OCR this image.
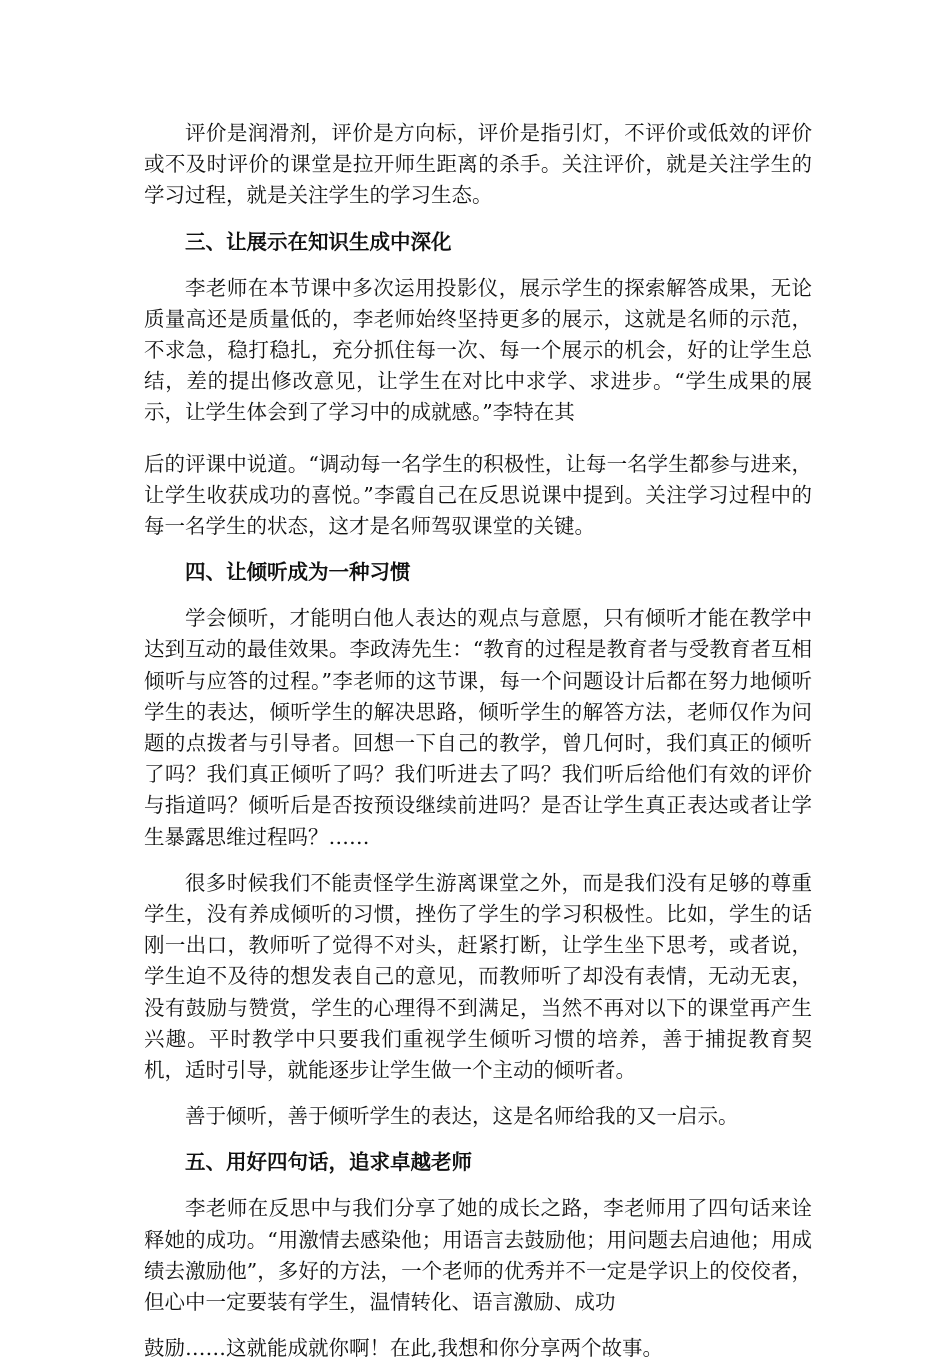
评价是润滑剂，评价是方向标，评价是指引灯，不评价或低效的评价或不及时评价的课堂是拉开师生距离的杀手。关注评价，就是关注学生的学习过程，就是关注学生的学习生态。

三、让展示在知识生成中深化

李老师在本节课中多次运用投影仪，展示学生的探索解答成果，无论质量高还是质量低的，李老师始终坚持更多的展示，这就是名师的示范，不求急，稳打稳扎，充分抓住每一次、每一个展示的机会，好的让学生总结，差的提出修改意见，让学生在对比中求学、求进步。“学生成果的展示，让学生体会到了学习中的成就感。”李特在其

后的评课中说道。“调动每一名学生的积极性，让每一名学生都参与进来，让学生收获成功的喜悦。”李霞自己在反思说课中提到。关注学习过程中的每一名学生的状态，这才是名师驾驭课堂的关键。

四、让倾听成为一种习惯

学会倾听，才能明白他人表达的观点与意愿，只有倾听才能在教学中达到互动的最佳效果。李政涛先生：“教育的过程是教育者与受教育者互相倾听与应答的过程。”李老师的这节课，每一个问题设计后都在努力地倾听学生的表达，倾听学生的解决思路，倾听学生的解答方法，老师仅作为问题的点拨者与引导者。回想一下自己的教学，曾几何时，我们真正的倾听了吗？我们真正倾听了吗？我们听进去了吗？我们听后给他们有效的评价与指道吗？倾听后是否按预设继续前进吗？是否让学生真正表达或者让学生暴露思维过程吗？……

很多时候我们不能责怪学生游离课堂之外，而是我们没有足够的尊重学生，没有养成倾听的习惯，挫伤了学生的学习积极性。比如，学生的话刚一出口，教师听了觉得不对头，赶紧打断，让学生坐下思考，或者说，学生迫不及待的想发表自己的意见，而教师听了却没有表情，无动无衷，没有鼓励与赞赏，学生的心理得不到满足，当然不再对以下的课堂再产生兴趣。平时教学中只要我们重视学生倾听习惯的培养，善于捕捉教育契机，适时引导，就能逐步让学生做一个主动的倾听者。

善于倾听，善于倾听学生的表达，这是名师给我的又一启示。

五、用好四句话，追求卓越老师

李老师在反思中与我们分享了她的成长之路，李老师用了四句话来诠释她的成功。“用激情去感染他；用语言去鼓励他；用问题去启迪他；用成绩去激励他”，多好的方法，一个老师的优秀并不一定是学识上的佼佼者，但心中一定要装有学生，温情转化、语言激励、成功

鼓励……这就能成就你啊！在此,我想和你分享两个故事。
